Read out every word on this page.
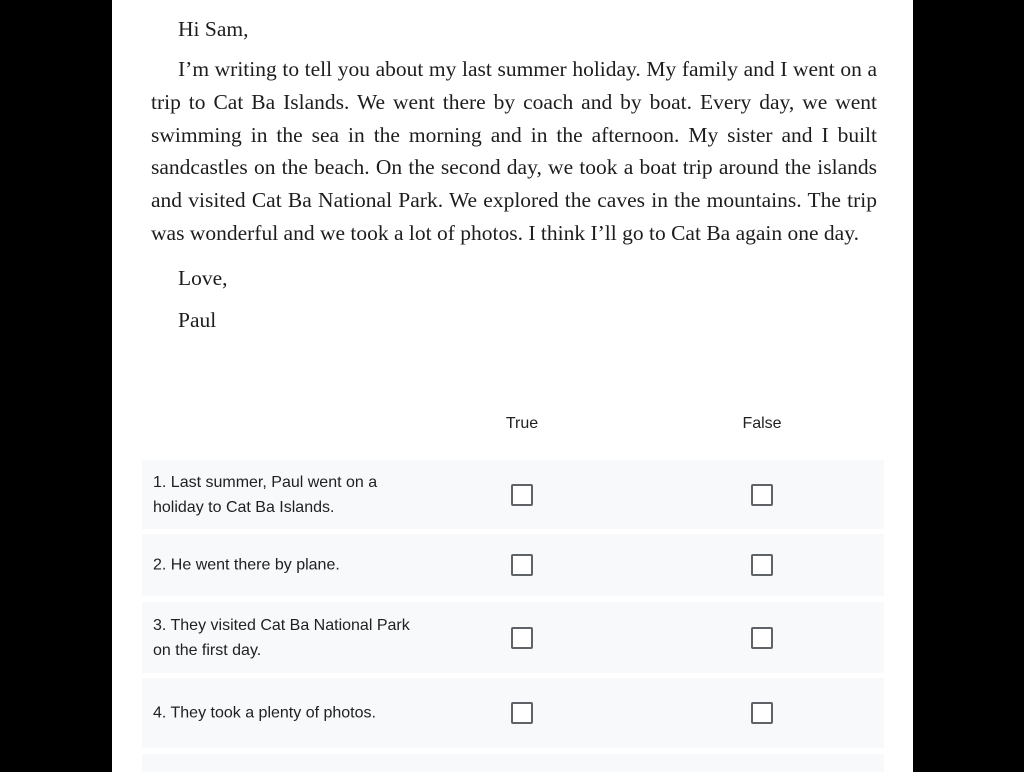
Hi Sam,

I’m writing to tell you about my last summer holiday. My family and I went on a trip to Cat Ba Islands. We went there by coach and by boat. Every day, we went swimming in the sea in the morning and in the afternoon. My sister and I built sandcastles on the beach. On the second day, we took a boat trip around the islands and visited Cat Ba National Park. We explored the caves in the mountains. The trip was wonderful and we took a lot of photos. I think I’ll go to Cat Ba again one day.

Love,
Paul
True	False
1. Last summer, Paul went on a holiday to Cat Ba Islands.
2. He went there by plane.
3. They visited Cat Ba National Park on the first day.
4. They took a plenty of photos.
